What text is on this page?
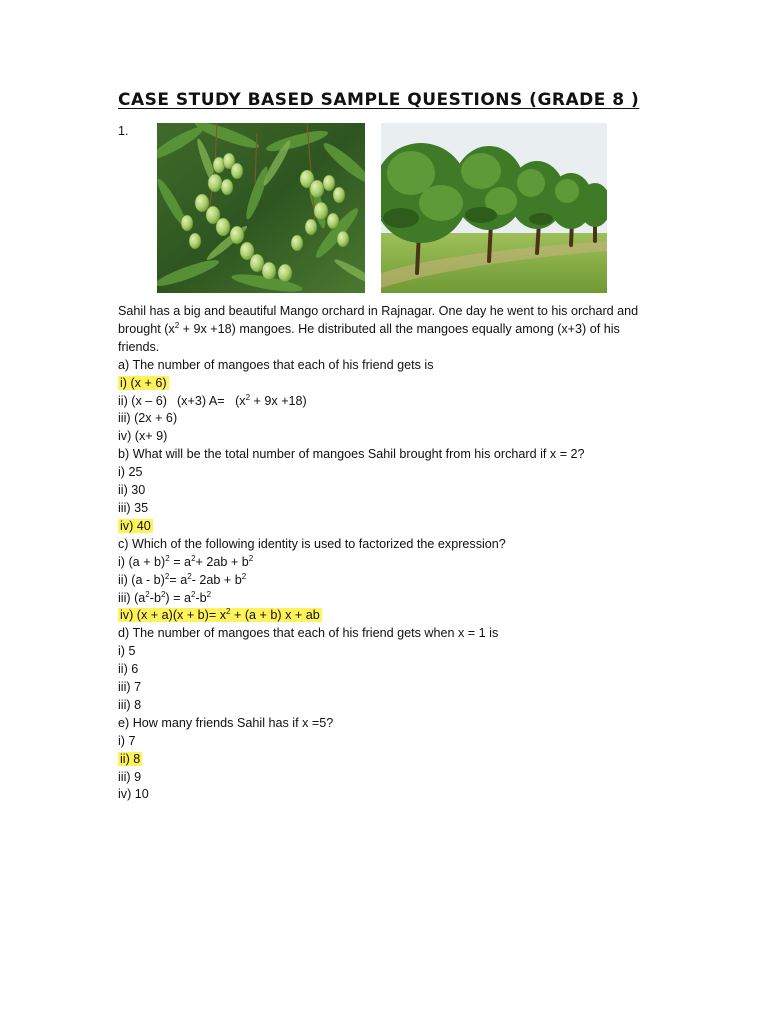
CASE STUDY BASED SAMPLE QUESTIONS (GRADE 8 )
1.
Sahil has a big and beautiful Mango orchard in Rajnagar. One day he went to his orchard and brought $(x^2 + 9x +18)$ mangoes. He distributed all the mangoes equally among (x+3) of his friends.
a) The number of mangoes that each of his friend gets is
i) (x + 6)
ii) (x – 6) (x+3) $A= (x^2 + 9x +18)$
iii) (2x + 6)
iv) (x+ 9)
b) What will be the total number of mangoes Sahil brought from his orchard if x = 2?
i) 25
ii) 30
iii) 35
iv) 40
c) Which of the following identity is used to factorized the expression?
i) $(a + b)^2 = a^2+ 2ab + b^2$
ii) $(a - b)^2= a^2-$ $2ab + b^2$
iii) $(a^2-b^2) = a^2-b^2$
iv) $(x + a)(x + b)= x^2 + (a + b) x$ + ab
d) The number of mangoes that each of his friend gets when x = 1 is
i) 5
ii) 6
iii) 7
iii) 8
e) How many friends Sahil has if x =5?
i) 7
ii) 8
iii) 9
iv) 10
